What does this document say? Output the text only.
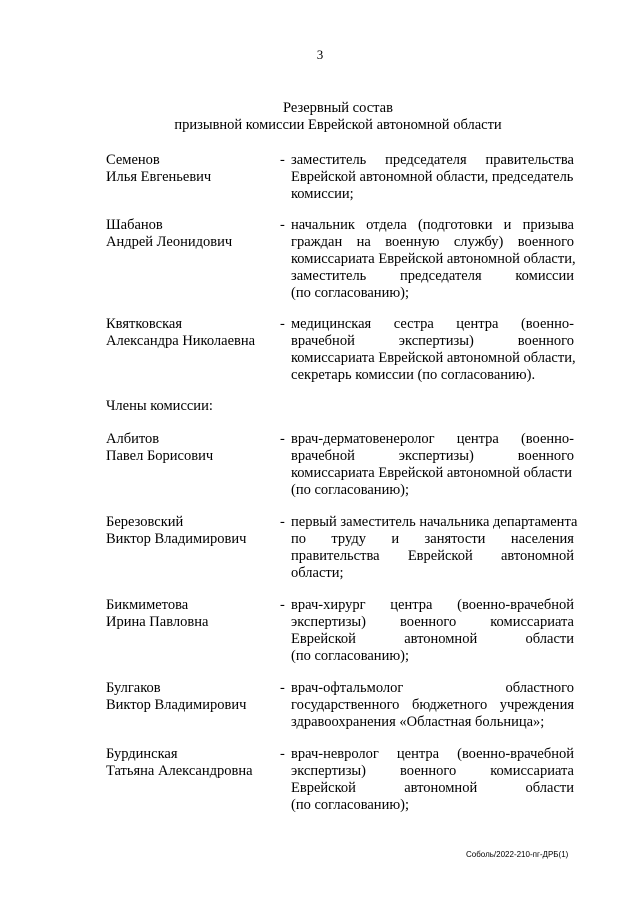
3
Резервный состав
призывной комиссии Еврейской автономной области
Семенов
Илья Евгеньевич
- заместитель председателя правительства
Еврейской автономной области, председатель
комиссии;
Шабанов
Андрей Леонидович
- начальник отдела (подготовки и призыва
граждан на военную службу) военного
комиссариата Еврейской автономной области,
заместитель председателя комиссии
(по согласованию);
Квятковская
Александра Николаевна
- медицинская сестра центра (военно-
врачебной	экспертизы)	военного
комиссариата Еврейской автономной области,
секретарь комиссии (по согласованию).
Члены комиссии:
Албитов
Павел Борисович
- врач-дерматовенеролог центра (военно-
врачебной	экспертизы)	военного
комиссариата Еврейской автономной области
(по согласованию);
Березовский
Виктор Владимирович
- первый заместитель начальника департамента
по труду и занятости населения
правительства Еврейской автономной
области;
Бикмиметова
Ирина Павловна
- врач-хирург центра (военно-врачебной
экспертизы) военного комиссариата
Еврейской	автономной	области
(по согласованию);
Булгаков
Виктор Владимирович
- врач-офтальмолог	областного
государственного бюджетного учреждения
здравоохранения «Областная больница»;
Бурдинская
Татьяна Александровна
- врач-невролог центра (военно-врачебной
экспертизы) военного комиссариата
Еврейской	автономной	области
(по согласованию);
Соболь/2022-210-пг-ДРБ(1)
